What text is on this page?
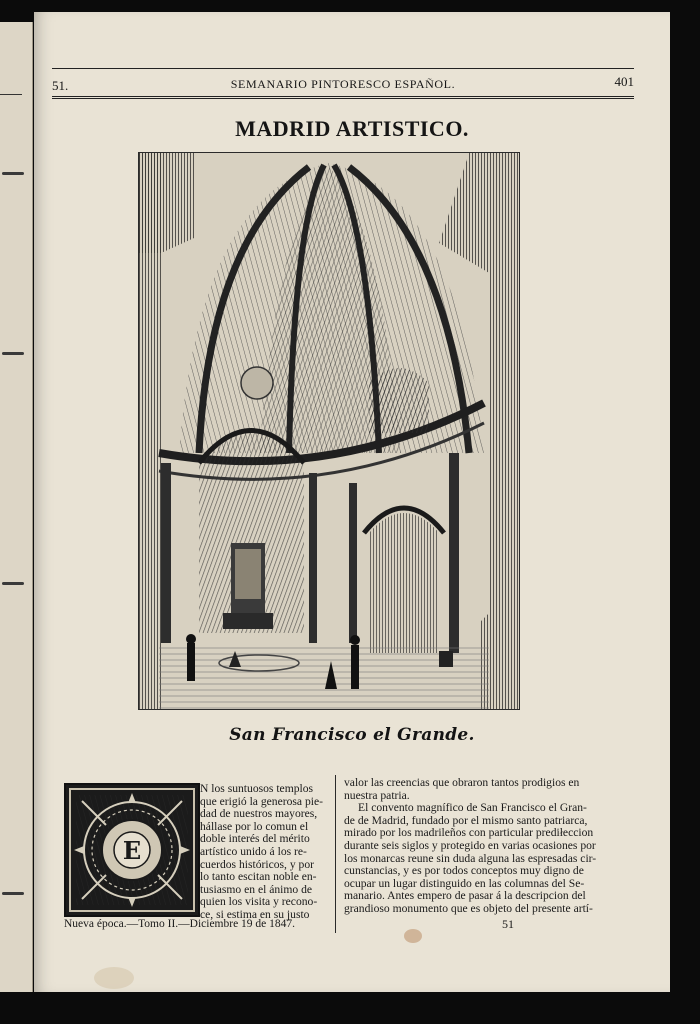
51.	SEMANARIO PINTORESCO ESPAÑOL.	401
MADRID ARTISTICO.
San Francisco el Grande.
E

N los suntuosos templos

que erigió la generosa pie-

dad de nuestros mayores,

hállase por lo comun el

doble interés del mérito

artístico unido á los re-

cuerdos históricos, y por

lo tanto escitan noble en-

tusiasmo en el ánimo de

quien los visita y recono-

ce, si estima en su justo

valor las creencias que obraron tantos prodigios en

nuestra patria.

El convento magnífico de San Francisco el Gran-

de de Madrid, fundado por el mismo santo patriarca,

mirado por los madrileños con particular prediłeccion

durante seis siglos y protegido en varias ocasiones por

los monarcas reune sin duda alguna las espresadas cir-

cunstancias, y es por todos conceptos muy digno de

ocupar un lugar distinguido en las columnas del Se-

manario. Antes empero de pasar á la descripcion del

grandioso monumento que es objeto del presente artí-

Nueva época.—Tomo II.—Diciembre 19 de 1847.	51
